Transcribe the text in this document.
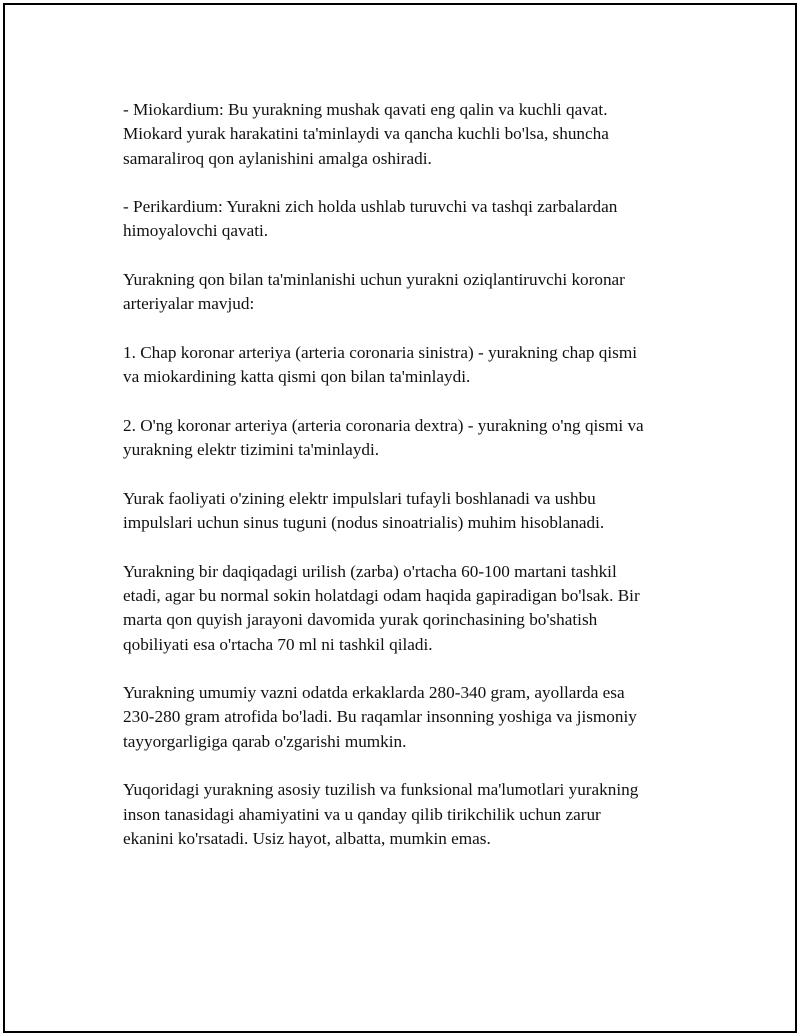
- Miokardium: Bu yurakning mushak qavati eng qalin va kuchli qavat.
Miokard yurak harakatini ta'minlaydi va qancha kuchli bo'lsa, shuncha
samaraliroq qon aylanishini amalga oshiradi.

- Perikardium: Yurakni zich holda ushlab turuvchi va tashqi zarbalardan
himoyalovchi qavati.

Yurakning qon bilan ta'minlanishi uchun yurakni oziqlantiruvchi koronar
arteriyalar mavjud:

1. Chap koronar arteriya (arteria coronaria sinistra) - yurakning chap qismi
va miokardining katta qismi qon bilan ta'minlaydi.

2. O'ng koronar arteriya (arteria coronaria dextra) - yurakning o'ng qismi va
yurakning elektr tizimini ta'minlaydi.

Yurak faoliyati o'zining elektr impulslari tufayli boshlanadi va ushbu
impulslari uchun sinus tuguni (nodus sinoatrialis) muhim hisoblanadi.

Yurakning bir daqiqadagi urilish (zarba) o'rtacha 60-100 martani tashkil
etadi, agar bu normal sokin holatdagi odam haqida gapiradigan bo'lsak. Bir
marta qon quyish jarayoni davomida yurak qorinchasining bo'shatish
qobiliyati esa o'rtacha 70 ml ni tashkil qiladi.

Yurakning umumiy vazni odatda erkaklarda 280-340 gram, ayollarda esa
230-280 gram atrofida bo'ladi. Bu raqamlar insonning yoshiga va jismoniy
tayyorgarligiga qarab o'zgarishi mumkin.

Yuqoridagi yurakning asosiy tuzilish va funksional ma'lumotlari yurakning
inson tanasidagi ahamiyatini va u qanday qilib tirikchilik uchun zarur
ekanini ko'rsatadi. Usiz hayot, albatta, mumkin emas.
